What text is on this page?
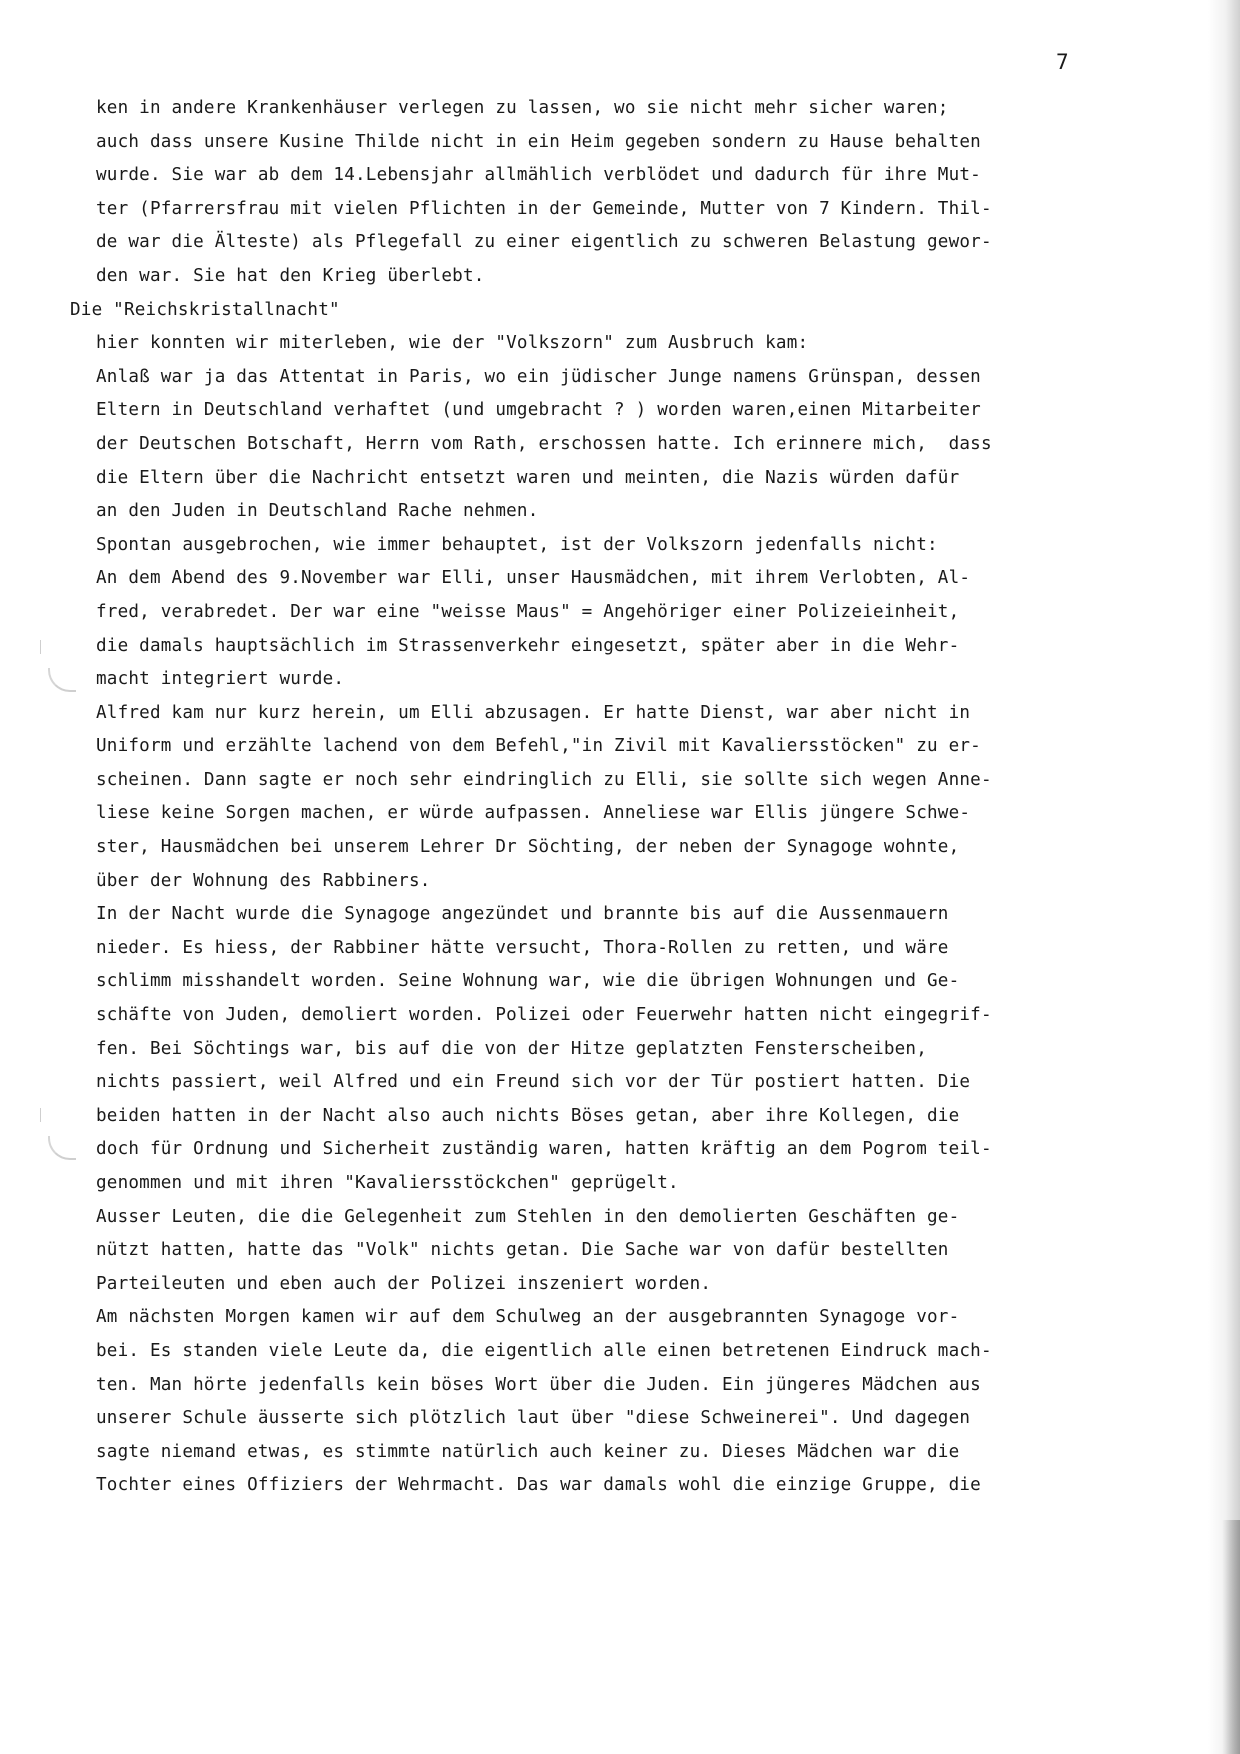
7
ken in andere Krankenhäuser verlegen zu lassen, wo sie nicht mehr sicher waren;
auch dass unsere Kusine Thilde nicht in ein Heim gegeben sondern zu Hause behalten
wurde. Sie war ab dem 14.Lebensjahr allmählich verblödet und dadurch für ihre Mut-
ter (Pfarrersfrau mit vielen Pflichten in der Gemeinde, Mutter von 7 Kindern. Thil-
de war die Älteste) als Pflegefall zu einer eigentlich zu schweren Belastung gewor-
den war. Sie hat den Krieg überlebt.
Die "Reichskristallnacht"
hier konnten wir miterleben, wie der "Volkszorn" zum Ausbruch kam:
Anlaß war ja das Attentat in Paris, wo ein jüdischer Junge namens Grünspan, dessen
Eltern in Deutschland verhaftet (und umgebracht ? ) worden waren,einen Mitarbeiter
der Deutschen Botschaft, Herrn vom Rath, erschossen hatte. Ich erinnere mich,  dass
die Eltern über die Nachricht entsetzt waren und meinten, die Nazis würden dafür
an den Juden in Deutschland Rache nehmen.
Spontan ausgebrochen, wie immer behauptet, ist der Volkszorn jedenfalls nicht:
An dem Abend des 9.November war Elli, unser Hausmädchen, mit ihrem Verlobten, Al-
fred, verabredet. Der war eine "weisse Maus" = Angehöriger einer Polizeieinheit,
die damals hauptsächlich im Strassenverkehr eingesetzt, später aber in die Wehr-
macht integriert wurde.
Alfred kam nur kurz herein, um Elli abzusagen. Er hatte Dienst, war aber nicht in
Uniform und erzählte lachend von dem Befehl,"in Zivil mit Kavaliersstöcken" zu er-
scheinen. Dann sagte er noch sehr eindringlich zu Elli, sie sollte sich wegen Anne-
liese keine Sorgen machen, er würde aufpassen. Anneliese war Ellis jüngere Schwe-
ster, Hausmädchen bei unserem Lehrer Dr Söchting, der neben der Synagoge wohnte,
über der Wohnung des Rabbiners.
In der Nacht wurde die Synagoge angezündet und brannte bis auf die Aussenmauern
nieder. Es hiess, der Rabbiner hätte versucht, Thora-Rollen zu retten, und wäre
schlimm misshandelt worden. Seine Wohnung war, wie die übrigen Wohnungen und Ge-
schäfte von Juden, demoliert worden. Polizei oder Feuerwehr hatten nicht eingegrif-
fen. Bei Söchtings war, bis auf die von der Hitze geplatzten Fensterscheiben,
nichts passiert, weil Alfred und ein Freund sich vor der Tür postiert hatten. Die
beiden hatten in der Nacht also auch nichts Böses getan, aber ihre Kollegen, die
doch für Ordnung und Sicherheit zuständig waren, hatten kräftig an dem Pogrom teil-
genommen und mit ihren "Kavaliersstöckchen" geprügelt.
Ausser Leuten, die die Gelegenheit zum Stehlen in den demolierten Geschäften ge-
nützt hatten, hatte das "Volk" nichts getan. Die Sache war von dafür bestellten
Parteileuten und eben auch der Polizei inszeniert worden.
Am nächsten Morgen kamen wir auf dem Schulweg an der ausgebrannten Synagoge vor-
bei. Es standen viele Leute da, die eigentlich alle einen betretenen Eindruck mach-
ten. Man hörte jedenfalls kein böses Wort über die Juden. Ein jüngeres Mädchen aus
unserer Schule äusserte sich plötzlich laut über "diese Schweinerei". Und dagegen
sagte niemand etwas, es stimmte natürlich auch keiner zu. Dieses Mädchen war die
Tochter eines Offiziers der Wehrmacht. Das war damals wohl die einzige Gruppe, die
